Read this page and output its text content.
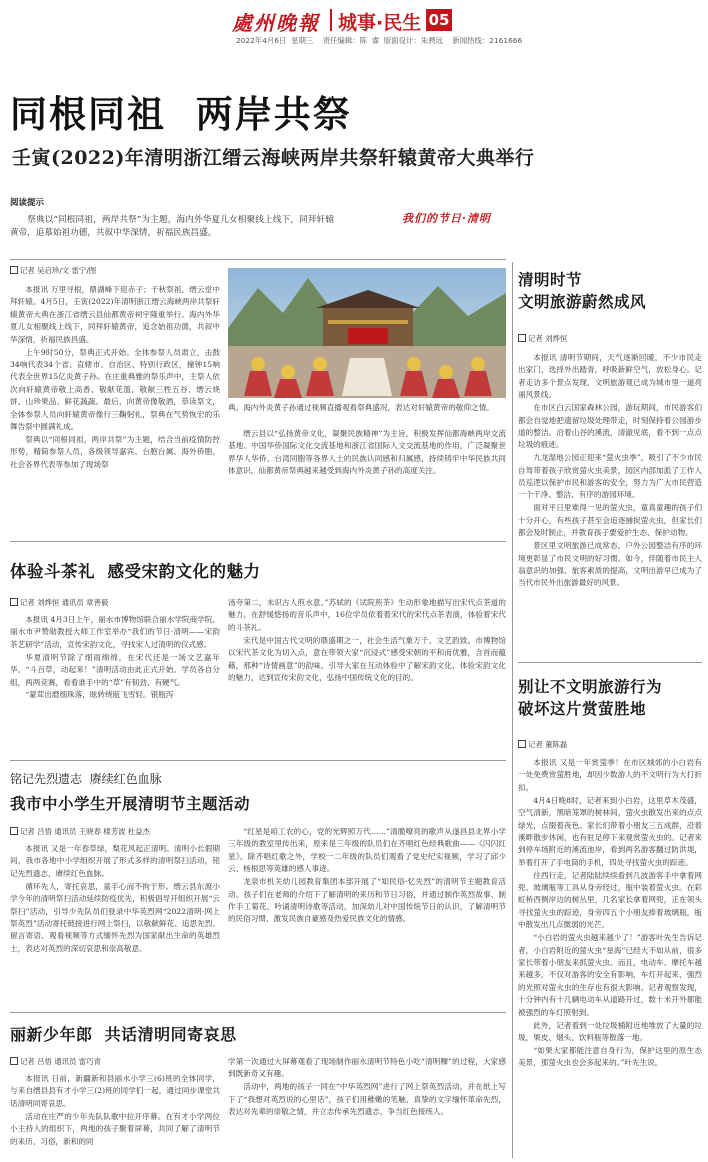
處州晚報 城事·民生 05
2022年4月6日  星期三    责任编辑：陈  睿  版面设计：朱骋远    新闻热线：2161666
同根同祖  两岸共祭
壬寅(2022)年清明浙江缙云海峡两岸共祭轩辕黄帝大典举行
阅读提示
祭典以“同根同祖，两岸共祭”为主题，海内外华夏儿女相聚线上线下，同拜轩辕黄帝，追慕始祖功德，共叙中华深情，祈福民族昌盛。
我们的节日·清明
记者 吴启珍/文 雷宁/图

本报讯 万里寻根，鼎湖峰下迎赤子；千秋祭祖，缙云堂中拜轩辕。4月5日，壬寅(2022)年清明浙江缙云海峡两岸共祭轩辕黄帝大典在浙江省缙云县仙都黄帝祠宇隆重举行。海内外华夏儿女相聚线上线下，同拜轩辕黄帝，追念始祖功德，共叙中华深情，祈福民族昌盛。

上午9时50分，祭典正式开始。全体参祭人员肃立，击鼓34响代表34个省、直辖市、自治区、特别行政区，撞钟15响代表全世界15亿炎黄子孙。在庄重典雅的祭乐声中，主祭人依次向轩辕黄帝敬上高香、敬献花篮，敬献三牲五谷、缙云烧饼、山珍果品、鲜花蔬蔬。最后，向黄帝像敬酒，恭读祭文，全体参祭人员向轩辕黄帝像行三鞠躬礼，祭典在气势恢宏的乐舞告祭中圆满礼成。

祭典以“同根同祖，两岸共祭”为主题，结合当前疫情防控形势，精简参祭人员，各级领导嘉宾、台胞台属、海外侨胞、社会各界代表等参加了现场祭

典。海内外炎黄子孙通过视频直播观看祭典盛况，表达对轩辕黄帝的敬仰之情。

缙云县以“弘扬黄帝文化，凝聚民族精神”为主旨，积极发挥仙都海峡两岸交流基地、中国华侨国际文化交流基地和浙江省国际人文交流基地的作用，广泛凝聚世界华人华侨、台湾同胞等各界人士的民族认同感和归属感，持续铸牢中华民族共同体意识，仙都黄帝祭典越来越受到海内外炎黄子孙的高度关注。

清明时节
文明旅游蔚然成风
记者 刘烨恒

本报讯 清明节期间，天气逐渐回暖，不少市民走出家门，选择外出踏青，呼吸新鲜空气，放松身心。记者走访多个景点发现，文明旅游观已成为城市里一道亮丽风景线。

在市区白云国家森林公园，游玩期间，市民游客们都会自觉地把遗留垃圾处理带走，时刻保持着公园游步道的整洁。沿着山谷的溪流，清澈见底，看不到一点点垃圾的痕迹。

九龙湿地公园正迎来“萤火虫季”，吸引了不少市民自驾带着孩子欣赏萤火虫美景，园区内部加派了工作人员巡逻以保护市民和游客的安全，努力为广大市民营造一个干净、整洁、有序的游园环境。

面对平日里难得一见的萤火虫，童真童趣的孩子们十分开心，有些孩子甚至会追逐捕捉萤火虫，但家长们都会及时制止，并教育孩子要爱护生态、保护动物。

景区里文明旅游已成常态，户外公园整洁有序的环境更彰显了市民文明的好习惯。如今，伴随着市民主人翁意识的加强、旅客素质的提高，文明出游早已成为了当代市民外出旅游最好的风景。

别让不文明旅游行为
破坏这片赏萤胜地
记者 董陈磊

本报讯 又是一年赏萤季！在市区城郊的小白岩有一处免费赏萤胜地，却因少数游人的不文明行为大打折扣。

4月4日晚8时，记者来到小白岩，这里草木茂盛，空气清新，黑暗笼罩的树林间，萤火虫散发出来的点点绿光，点缀着夜色。家长们带着小朋友三五成群，沿着溪畔散步休闲，也有驻足停下来观赏萤火虫的。记者来到停车场附近的溪流池岸，看到两名游客翻过防洪堤，举着打开了手电筒的手机，四处寻找萤火虫的踪迹。

往西行走，记者陆陆续续看到几波游客手中拿着网兜、玻璃瓶等工具从身旁经过，瓶中装着萤火虫。在彩虹桥西侧岸边的树丛里，几名家长拿着网兜，正在领头寻找萤火虫的踪迹，身旁四五个小朋友捧着玻璃瓶，瓶中散发出几点微弱的光芒。

“小白岩的萤火虫越来越少了！”游客叶先生告诉记者，小白岩附近的萤火虫“星海”已经大不如从前，很多家长带着小朋友来抓萤火虫。而且，电动车、摩托车越来越多，不仅对游客的安全有影响，车灯开起来，强烈的光照对萤火虫的生存也有很大影响。记者观察发现，十分钟内有十几辆电动车从道路开过，数十米开外都能被强烈的车灯照射到。

此外，记者看到一处垃圾桶附近地堆放了大量的垃圾，果皮、烟头、饮料瓶等散落一地。

“如果大家都能注意自身行为，保护这里的原生态美景，那萤火虫也会多起来的。”叶先生说。

体验斗茶礼  感受宋韵文化的魅力
记者 刘烨恒 通讯员 章善毅

本报讯 4月3日上午，丽水市博物馆联合丽水学院商学院、丽水市尹赞勋教授大师工作室举办“我们的节日·清明——宋韵茶艺研学”活动，宣传宋韵文化，寻找宋人过清明的仪式感。

华夏清明节除了细雨绵绵，在宋代还是一场文艺嘉年华，“斗百草，动起来！”清明活动由此正式开始。学员各自分组，两两竞赛，看看谁手中的“草”有韧劲、有硬气。

“蒙茸出磨细珠落，眩转绕瓯飞雪轻。银瓶泻

汤夸第二，未识古人煎水意。”苏轼的《试院煎茶》生动形象地描写出宋代点茶道的魅力。在舒缓悠扬的音乐声中，16位学员依着着宋代的宋代点茶表演，体验着宋代的斗茶礼。

宋代是中国古代文明的鼎盛期之一，社会生活气象万千、文艺韵致。市博物馆以宋代茶文化为切入点，意在带领大家“沉浸式”感受宋朝的平和而优雅，含首而蕴藉，那种“诗情画意”的韵味，引导大家在互动体验中了解宋韵文化，体验宋韵文化的魅力，达到宣传宋韵文化，弘扬中国传统文化的目的。

铭记先烈遗志  赓续红色血脉
我市中小学生开展清明节主题活动
记者 吕悟 通讯员 王晓春 楼芳波 杜益杰

本报讯 又是一年春草绿，梨花风起正清明。清明小长假期间，我市各地中小学组织开展了形式多样的清明祭扫活动，铭记先烈遗志，赓续红色血脉。

循环先人，寄托哀思，童手心而不拘于形。缙云县东渡小学今年的清明祭扫活动延续防疫优先，积极倡导开组织开展“云祭扫”活动，引导少先队员们登录中华英烈网“2022清明·网上祭英烈”活动寄托链接进行网上祭扫，以敬献鲜花、追思先烈、留言寄语、观看视频等方式缅怀先烈为国家献出生命的英雄烈士，表达对英烈的深切哀思和崇高敬意。

“红星是咱工农的心，党的光辉照万代……”清脆嘹亮的歌声从遂昌县北界小学三年级的教室里传出来，原来是三年级的队员们在齐唱红色经典歌曲——《闪闪红星》。除齐唱红歌之外，学校一二年级的队员们观看了党史纪实视频，学习了邱少云、杨根思等英雄的感人事迹。

龙泉市机关幼儿园教育集团本部开展了“知民俗·忆先烈”的清明节主题教育活动。孩子们在老师的介绍下了解清明的来历和节日习俗，并通过制作英烈故事、制作手工菊花、吟诵清明诗歌等活动，加深幼儿对中国传统节日的认识，了解清明节的民俗习惯，激发民族自豪感及热爱民族文化的情感。

丽新少年郎  共话清明同寄哀思
记者 吕悟 通讯员 雷巧青

本报讯 日前，新疆新和县丽水小学三(6)班的全体同学，与来自缙县县有才小学三(2)班的同学们一起，通过同步课堂共话清明同寄哀思。

活动在庄严的少年先队队歌中拉开序幕。在有才小学两位小主持人的组织下，两地的孩子聚着屏幕，共同了解了清明节的来历、习俗，新和的同

学第一次通过大屏幕观看了现场制作丽水清明节特色小吃“清明粿”的过程，大家感到既新奇又有趣。

活动中，两地的孩子一同在“中华英烈网”进行了网上祭英烈活动，并在纸上写下了“我想对英烈说的心里话”，孩子们用稚嫩的笔触、真挚的文字缅怀革命先烈，表达对先辈的崇敬之情，并立志传承先烈遗志，争当红色接班人。
